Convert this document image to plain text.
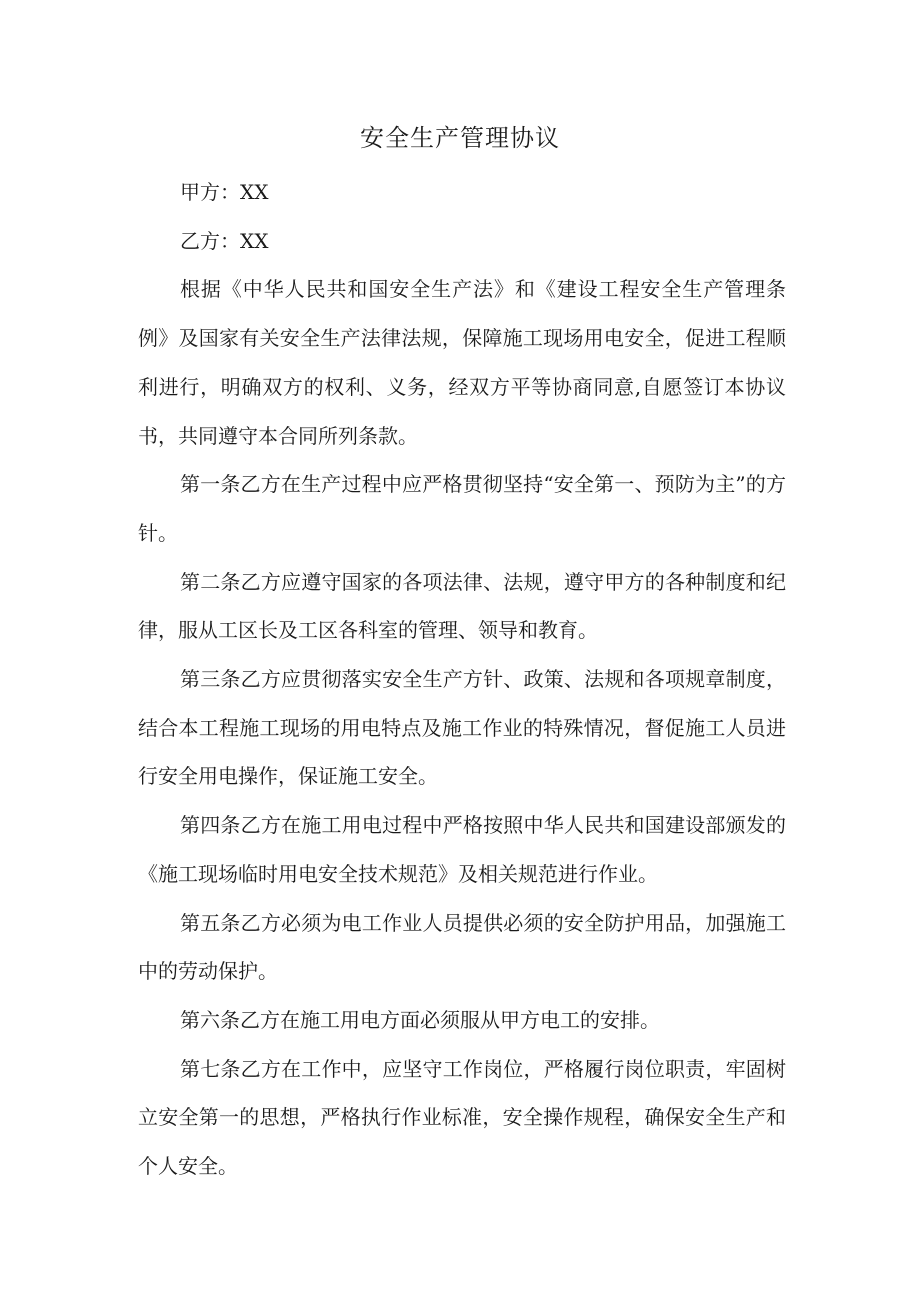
安全生产管理协议

甲方：XX

乙方：XX

根据《中华人民共和国安全生产法》和《建设工程安全生产管理条例》及国家有关安全生产法律法规，保障施工现场用电安全，促进工程顺利进行，明确双方的权利、义务，经双方平等协商同意,自愿签订本协议书，共同遵守本合同所列条款。

第一条乙方在生产过程中应严格贯彻坚持“安全第一、预防为主”的方针。

第二条乙方应遵守国家的各项法律、法规，遵守甲方的各种制度和纪律，服从工区长及工区各科室的管理、领导和教育。

第三条乙方应贯彻落实安全生产方针、政策、法规和各项规章制度，结合本工程施工现场的用电特点及施工作业的特殊情况，督促施工人员进行安全用电操作，保证施工安全。

第四条乙方在施工用电过程中严格按照中华人民共和国建设部颁发的《施工现场临时用电安全技术规范》及相关规范进行作业。

第五条乙方必须为电工作业人员提供必须的安全防护用品，加强施工中的劳动保护。

第六条乙方在施工用电方面必须服从甲方电工的安排。

第七条乙方在工作中，应坚守工作岗位，严格履行岗位职责，牢固树立安全第一的思想，严格执行作业标准，安全操作规程，确保安全生产和个人安全。
